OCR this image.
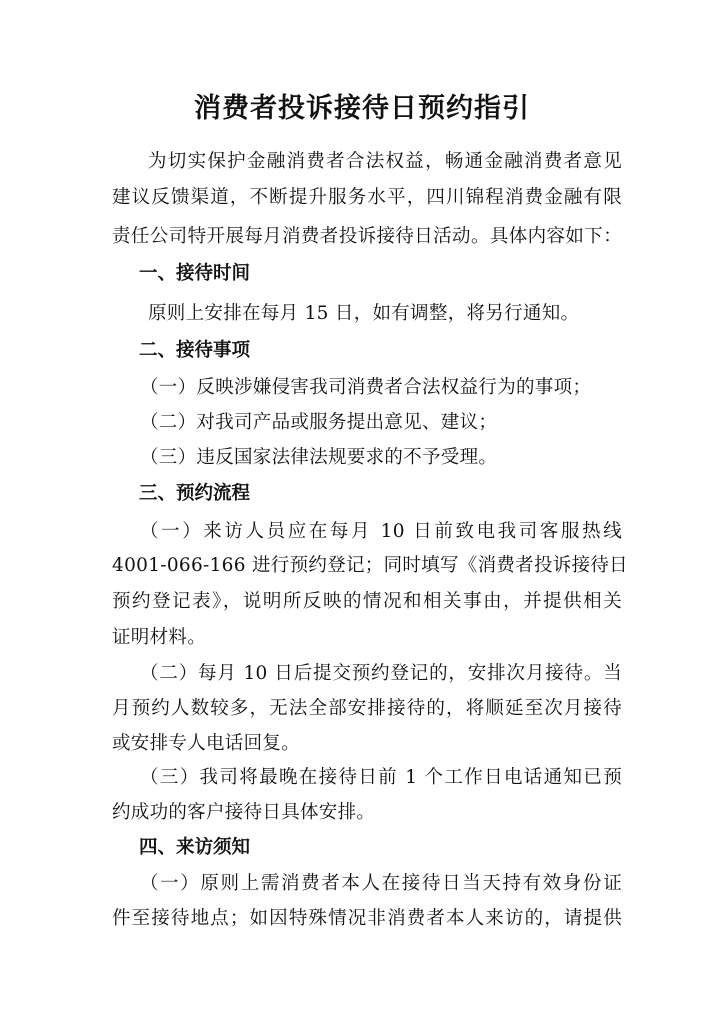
消费者投诉接待日预约指引
为切实保护金融消费者合法权益，畅通金融消费者意见
建议反馈渠道，不断提升服务水平，四川锦程消费金融有限
责任公司特开展每月消费者投诉接待日活动。具体内容如下：
一、接待时间
原则上安排在每月 15 日，如有调整，将另行通知。
二、接待事项
（一）反映涉嫌侵害我司消费者合法权益行为的事项；
（二）对我司产品或服务提出意见、建议；
（三）违反国家法律法规要求的不予受理。
三、预约流程
（一）来访人员应在每月 10 日前致电我司客服热线
4001-066-166 进行预约登记；同时填写《消费者投诉接待日
预约登记表》，说明所反映的情况和相关事由，并提供相关
证明材料。
（二）每月 10 日后提交预约登记的，安排次月接待。当
月预约人数较多，无法全部安排接待的，将顺延至次月接待
或安排专人电话回复。
（三）我司将最晚在接待日前 1 个工作日电话通知已预
约成功的客户接待日具体安排。
四、来访须知
（一）原则上需消费者本人在接待日当天持有效身份证
件至接待地点；如因特殊情况非消费者本人来访的，请提供
